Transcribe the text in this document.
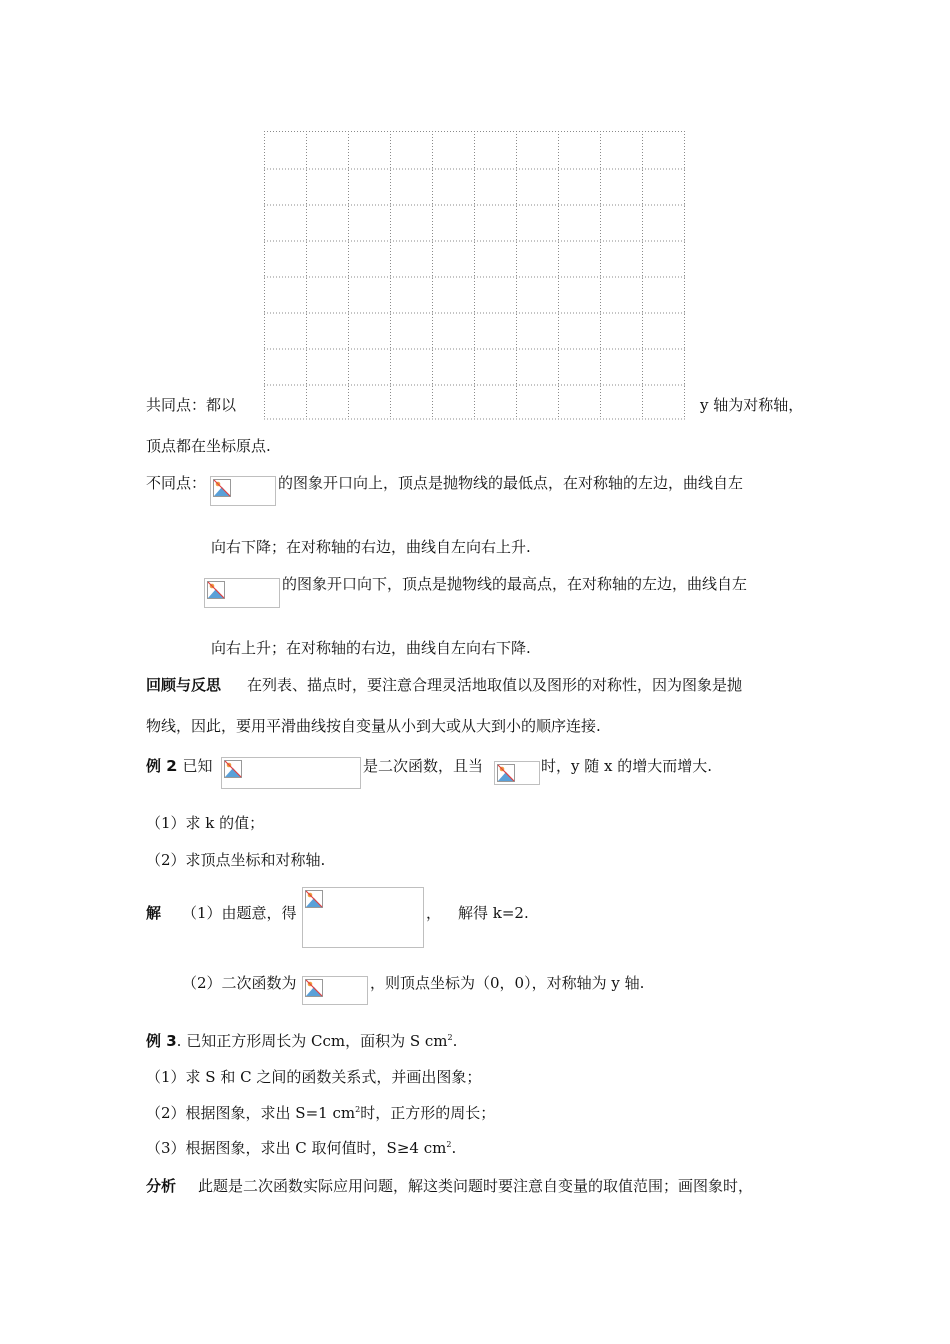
共同点：都以	y 轴为对称轴，
顶点都在坐标原点.
不同点：	的图象开口向上，顶点是抛物线的最低点，在对称轴的左边，曲线自左
向右下降；在对称轴的右边，曲线自左向右上升.
的图象开口向下，顶点是抛物线的最高点，在对称轴的左边，曲线自左
向右上升；在对称轴的右边，曲线自左向右下降.
回顾与反思 在列表、描点时，要注意合理灵活地取值以及图形的对称性，因为图象是抛
物线，因此，要用平滑曲线按自变量从小到大或从大到小的顺序连接.
例 2
. 已知	是二次函数，且当	时，y 随 x 的增大而增大.
（1）求 k 的值；
（2）求顶点坐标和对称轴.
解 （1）由题意，得	， 解得 k=2.
（2）二次函数为	，则顶点坐标为（0，0），对称轴为 y 轴.
例 3. 已知正方形周长为 Ccm，面积为 S $cm^2$.
（1）求 S 和 C 之间的函数关系式，并画出图象；
（2）根据图象，求出 S=1 $cm^2$时，正方形的周长；
（3）根据图象，求出 C 取何值时，S≥4 $cm^2$.
分析 此题是二次函数实际应用问题，解这类问题时要注意自变量的取值范围；画图象时，
